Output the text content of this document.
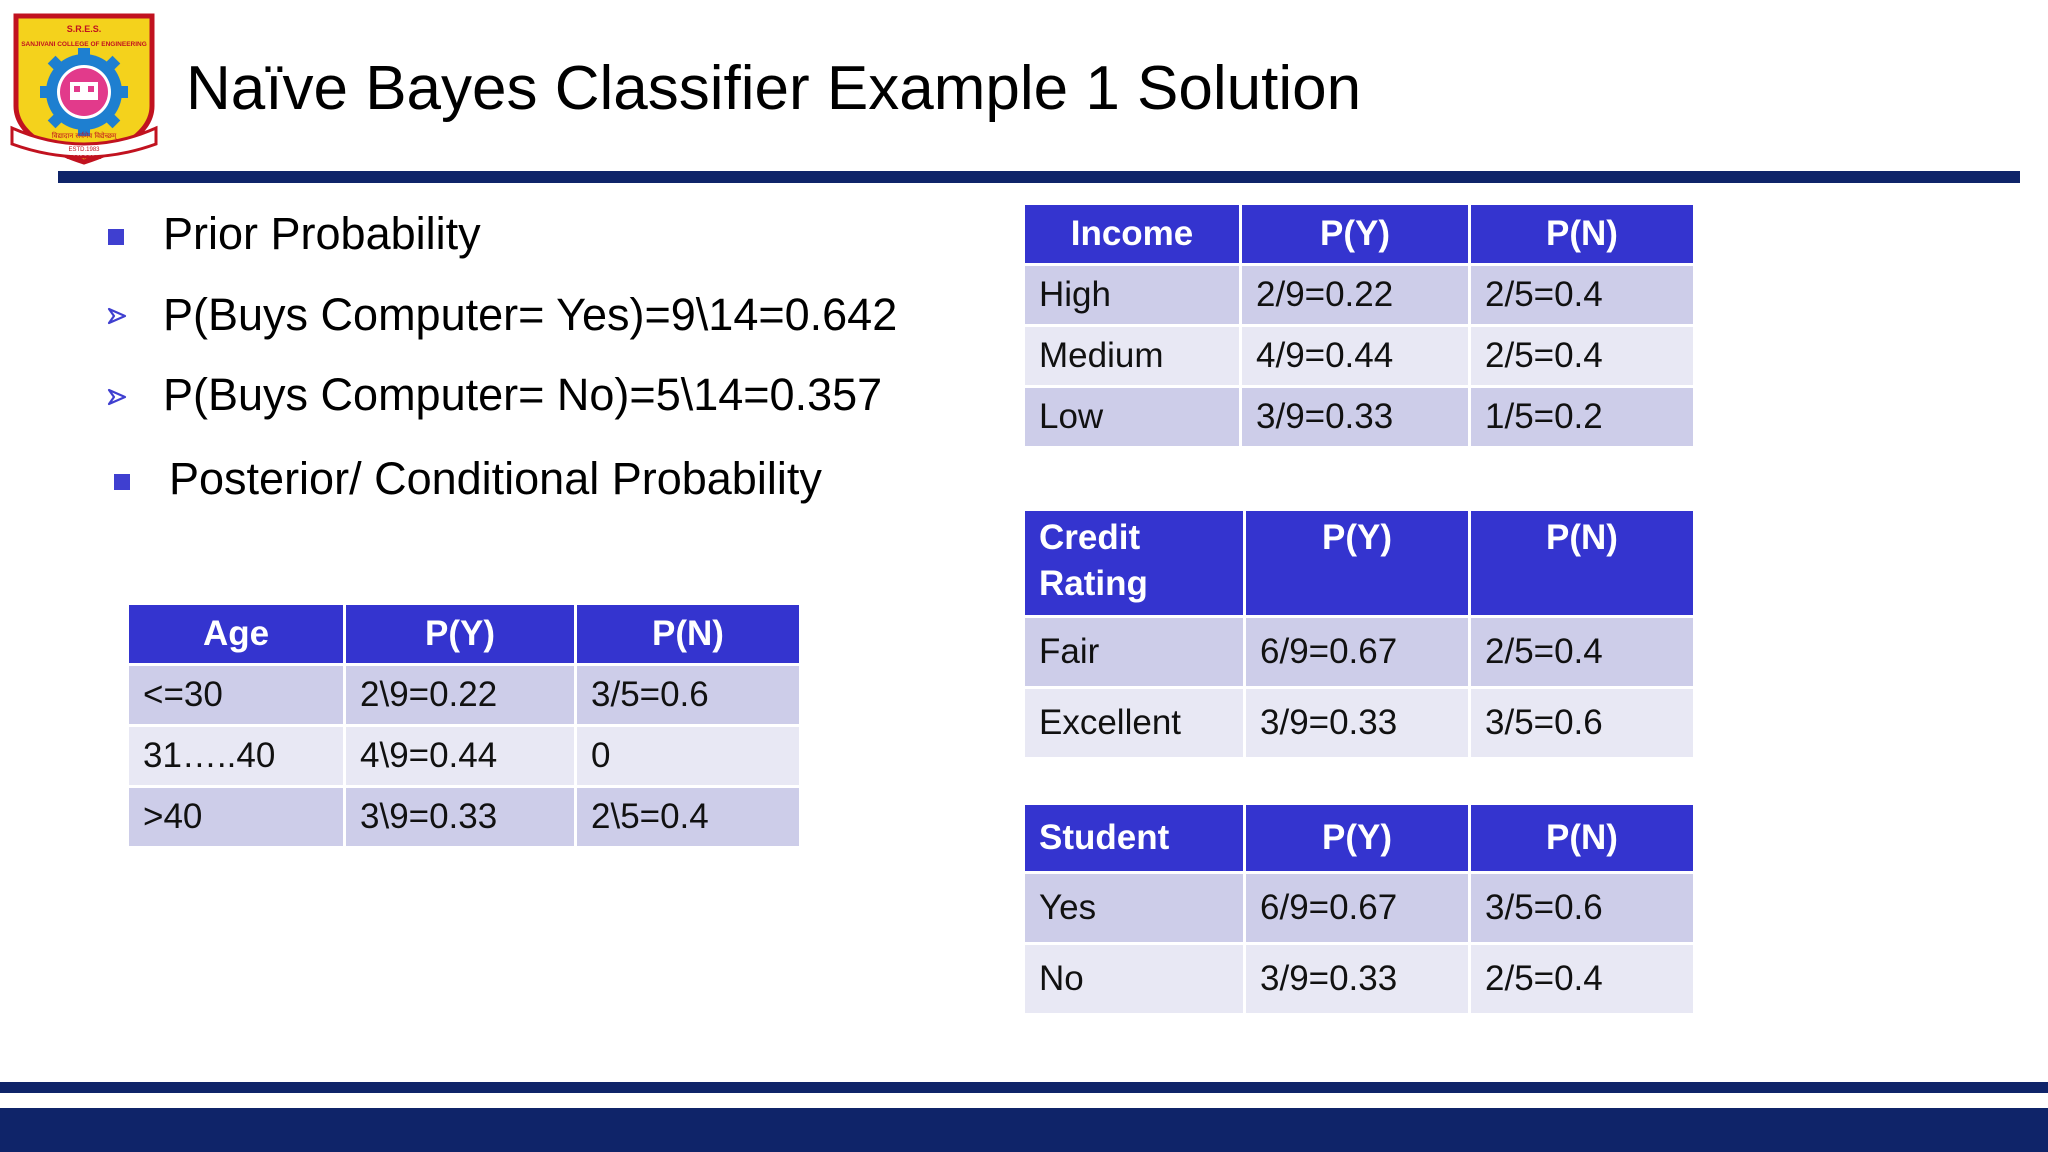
S.R.E.S.
SANJIVANI COLLEGE OF ENGINEERING
विद्यादान सर्वमेव विद्येच्छम्
ESTD.1983
KOPARGAON
Naïve Bayes Classifier Example 1 Solution
Prior Probability
P(Buys Computer= Yes)=9\14=0.642
P(Buys Computer= No)=5\14=0.357
Posterior/ Conditional Probability
Age	P(Y)	P(N)
<=30	2\9=0.22	3/5=0.6
31…..40	4\9=0.44	0
>40	3\9=0.33	2\5=0.4
Income	P(Y)	P(N)
High	2/9=0.22	2/5=0.4
Medium	4/9=0.44	2/5=0.4
Low	3/9=0.33	1/5=0.2
Credit Rating	P(Y)	P(N)
Fair	6/9=0.67	2/5=0.4
Excellent	3/9=0.33	3/5=0.6
Student	P(Y)	P(N)
Yes	6/9=0.67	3/5=0.6
No	3/9=0.33	2/5=0.4
